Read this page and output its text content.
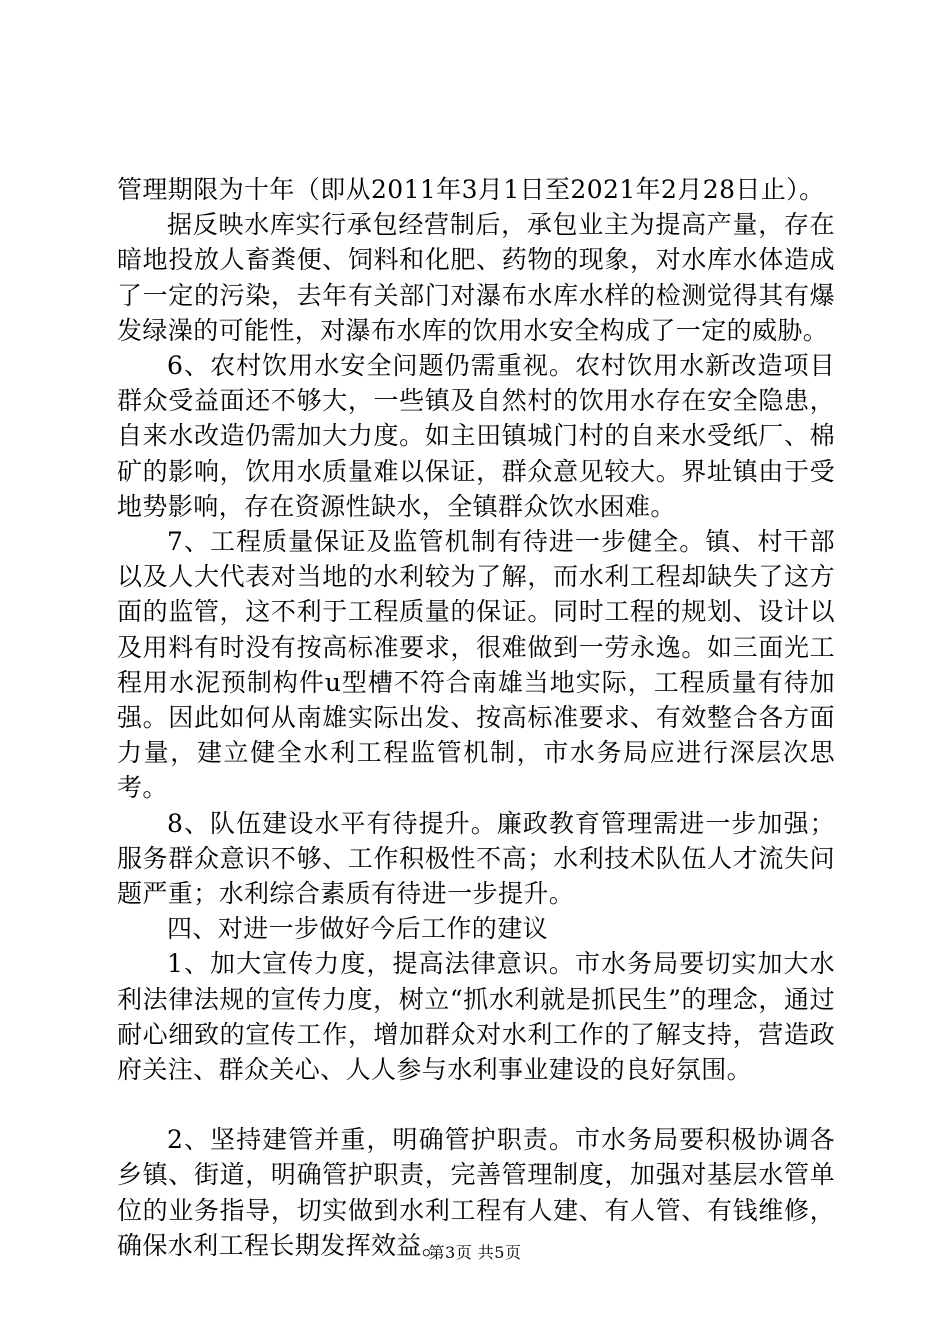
管理期限为十年（即从2011年3月1日至2021年2月28日止）。

据反映水库实行承包经营制后，承包业主为提高产量，存在暗地投放人畜粪便、饲料和化肥、药物的现象，对水库水体造成了一定的污染，去年有关部门对瀑布水库水样的检测觉得其有爆发绿澡的可能性，对瀑布水库的饮用水安全构成了一定的威胁。

6、农村饮用水安全问题仍需重视。农村饮用水新改造项目群众受益面还不够大，一些镇及自然村的饮用水存在安全隐患，自来水改造仍需加大力度。如主田镇城门村的自来水受纸厂、棉矿的影响，饮用水质量难以保证，群众意见较大。界址镇由于受地势影响，存在资源性缺水，全镇群众饮水困难。

7、工程质量保证及监管机制有待进一步健全。镇、村干部以及人大代表对当地的水利较为了解，而水利工程却缺失了这方面的监管，这不利于工程质量的保证。同时工程的规划、设计以及用料有时没有按高标准要求，很难做到一劳永逸。如三面光工程用水泥预制构件u型槽不符合南雄当地实际，工程质量有待加强。因此如何从南雄实际出发、按高标准要求、有效整合各方面力量，建立健全水利工程监管机制，市水务局应进行深层次思考。

8、队伍建设水平有待提升。廉政教育管理需进一步加强；服务群众意识不够、工作积极性不高；水利技术队伍人才流失问题严重；水利综合素质有待进一步提升。

四、对进一步做好今后工作的建议

1、加大宣传力度，提高法律意识。市水务局要切实加大水利法律法规的宣传力度，树立“抓水利就是抓民生”的理念，通过耐心细致的宣传工作，增加群众对水利工作的了解支持，营造政府关注、群众关心、人人参与水利事业建设的良好氛围。

2、坚持建管并重，明确管护职责。市水务局要积极协调各乡镇、街道，明确管护职责，完善管理制度，加强对基层水管单位的业务指导，切实做到水利工程有人建、有人管、有钱维修，确保水利工程长期发挥效益。

第3页 共5页
